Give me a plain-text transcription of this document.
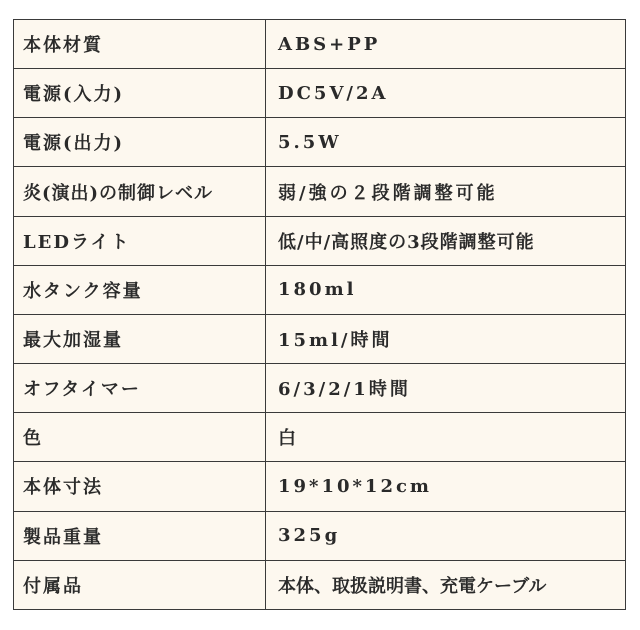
本体材質	ABS+PP
電源(入力)	DC5V/2A
電源(出力)	5.5W
炎(演出)の制御レベル	弱/強の２段階調整可能
LEDライト	低/中/高照度の3段階調整可能
水タンク容量	180ml
最大加湿量	15ml/時間
オフタイマー	6/3/2/1時間
色	白
本体寸法	19*10*12cm
製品重量	325g
付属品	本体、取扱説明書、充電ケーブル
